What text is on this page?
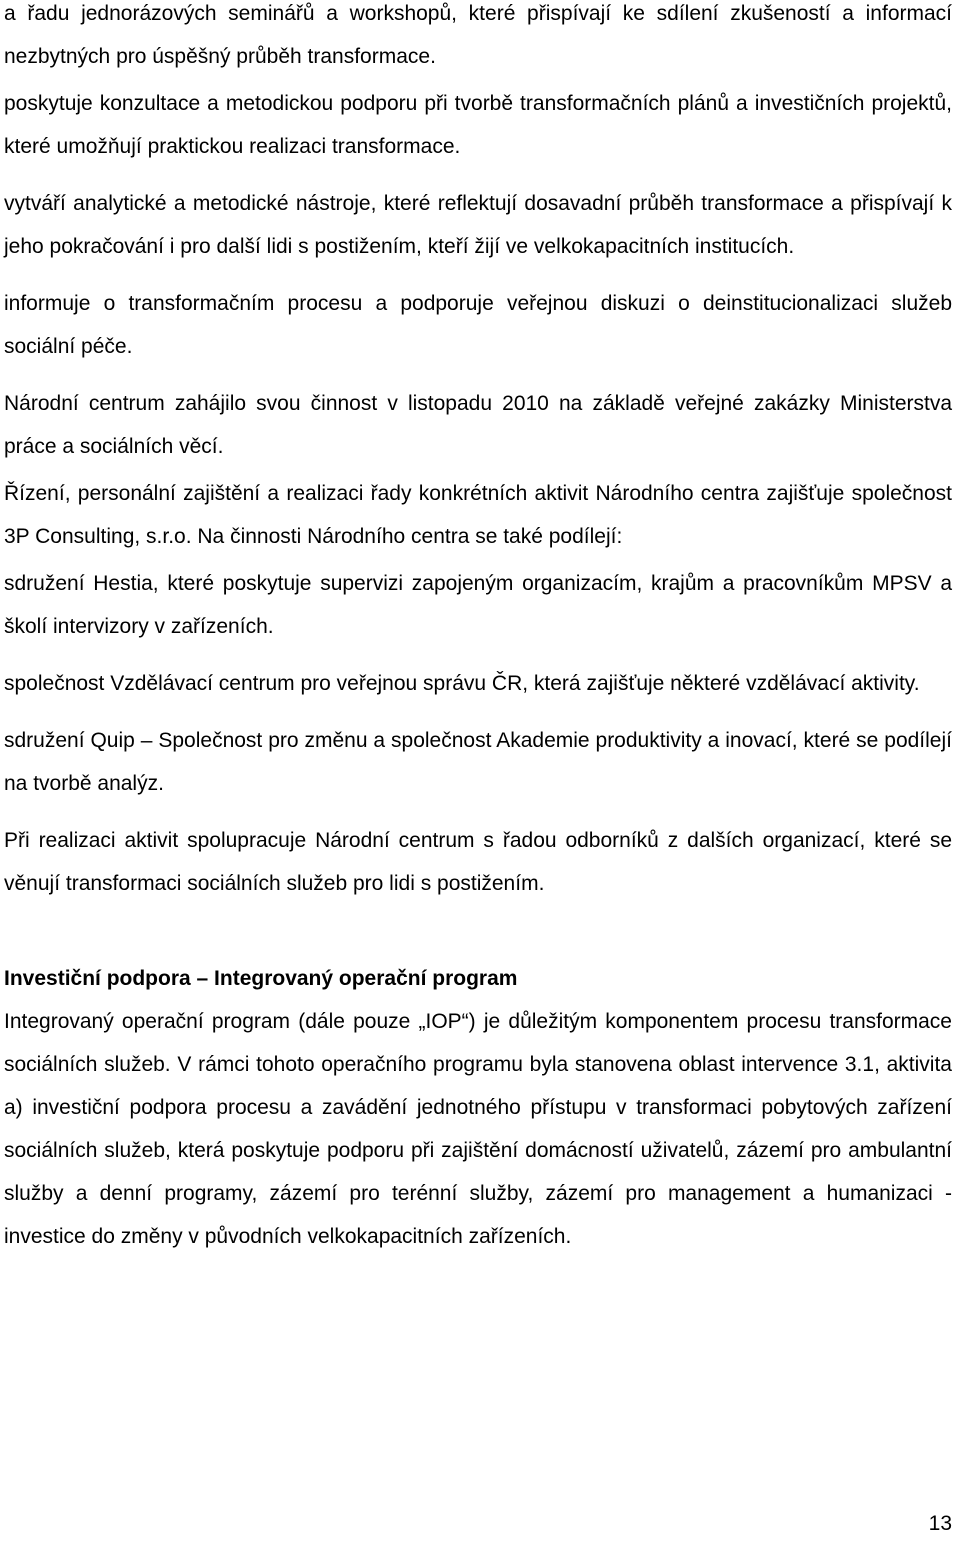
a řadu jednorázových seminářů a workshopů, které přispívají ke sdílení zkušeností a informací nezbytných pro úspěšný průběh transformace.

poskytuje konzultace a metodickou podporu při tvorbě transformačních plánů a investičních projektů, které umožňují praktickou realizaci transformace.

vytváří analytické a metodické nástroje, které reflektují dosavadní průběh transformace a přispívají k jeho pokračování i pro další lidi s postižením, kteří žijí ve velkokapacitních institucích.

informuje o transformačním procesu a podporuje veřejnou diskuzi o deinstitucionalizaci služeb sociální péče.

Národní centrum zahájilo svou činnost v listopadu 2010 na základě veřejné zakázky Ministerstva práce a sociálních věcí.

Řízení, personální zajištění a realizaci řady konkrétních aktivit Národního centra zajišťuje společnost 3P Consulting, s.r.o. Na činnosti Národního centra se také podílejí:

sdružení Hestia, které poskytuje supervizi zapojeným organizacím, krajům a pracovníkům MPSV a školí intervizory v zařízeních.

společnost Vzdělávací centrum pro veřejnou správu ČR, která zajišťuje některé vzdělávací aktivity.

sdružení Quip – Společnost pro změnu a společnost Akademie produktivity a inovací, které se podílejí na tvorbě analýz.

Při realizaci aktivit spolupracuje Národní centrum s řadou odborníků z dalších organizací, které se věnují transformaci sociálních služeb pro lidi s postižením.

Investiční podpora – Integrovaný operační program

Integrovaný operační program (dále pouze „IOP“) je důležitým komponentem procesu transformace sociálních služeb. V rámci tohoto operačního programu byla stanovena oblast intervence 3.1, aktivita a) investiční podpora procesu a zavádění jednotného přístupu v transformaci pobytových zařízení sociálních služeb, která poskytuje podporu při zajištění domácností uživatelů, zázemí pro ambulantní služby a denní programy, zázemí pro terénní služby, zázemí pro management a humanizaci - investice do změny v původních velkokapacitních zařízeních.

13
